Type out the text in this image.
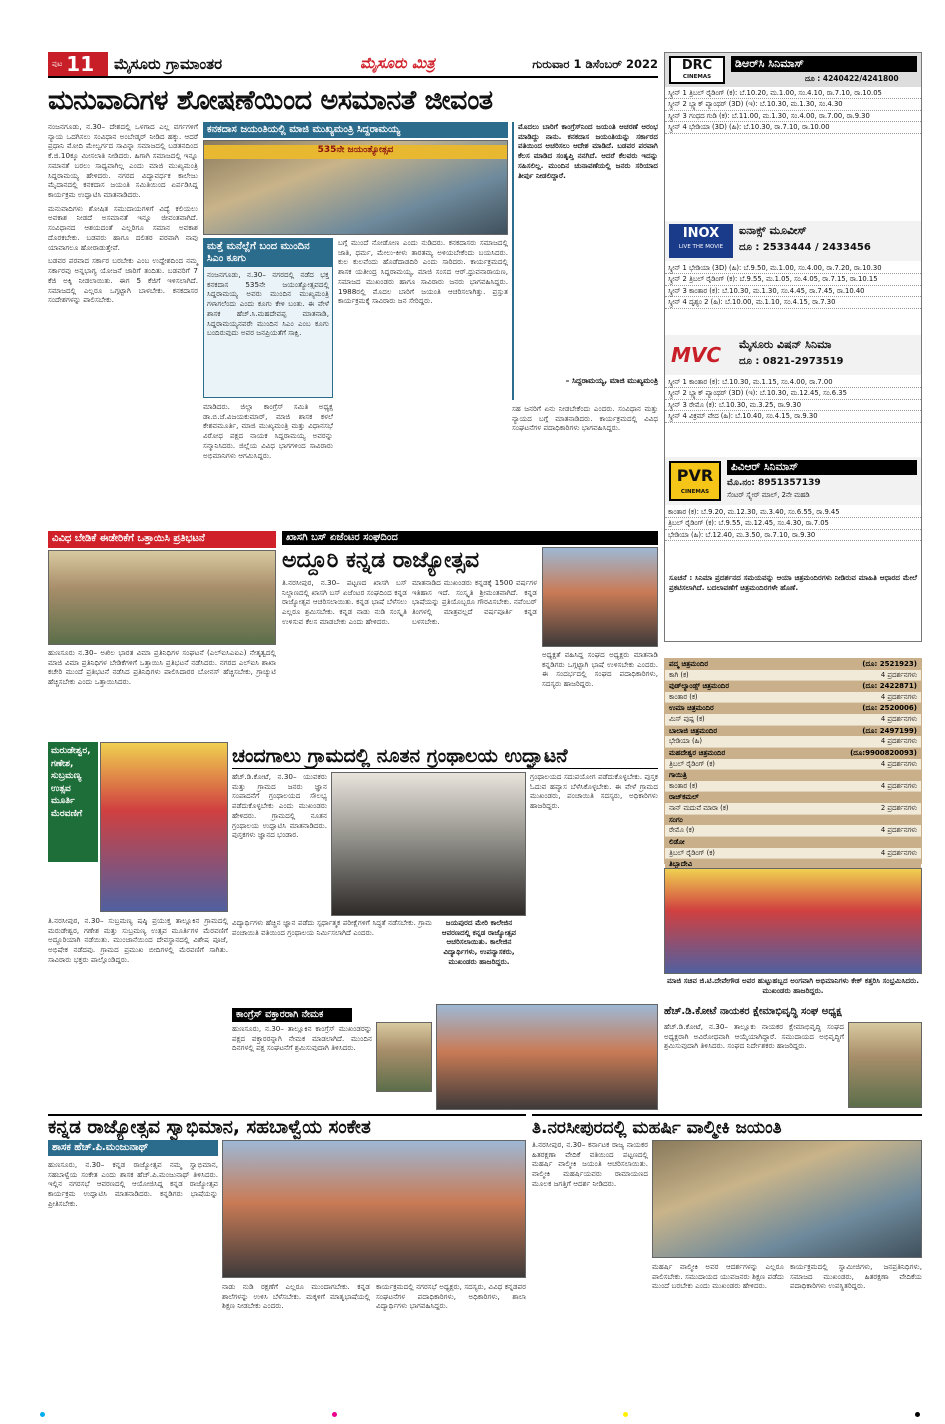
ಪುಟ 11 ಮೈಸೂರು ಗ್ರಾಮಾಂತರ	ಮೈಸೂರು ಮಿತ್ರ	ಗುರುವಾರ 1 ಡಿಸೆಂಬರ್ 2022
ಮನುವಾದಿಗಳ ಶೋಷಣೆಯಿಂದ ಅಸಮಾನತೆ ಜೀವಂತ

ನಂಜನಗೂಡು, ನ.30– ದೇಶದಲ್ಲಿ ಒಳಗಾದ ಎಲ್ಲ ವರ್ಗಗಳಿಗೆ ನ್ಯಾಯ ಒದಗಿಸಲು ಸಂವಿಧಾನ ಅಂಬೇಡ್ಕರ್ ನೀಡಿದ ಹಕ್ಕು. ಆದರೆ ಪ್ರಧಾನಿ ಮೋದಿ ಮೇಲ್ವರ್ಗದ ಸಾವಿನ್ನಾ ಸಮಾಜದಲ್ಲಿ ಬಡತನದಿಂದ ಕೆ.ಜಿ.10ಕ್ಕೂ ಮೀಸಲಾತಿ ನೀಡಿದರು. ಹಿಗಾಗಿ ಸಮಾಜದಲ್ಲಿ ಇನ್ನೂ ಸಮಾನತೆ ಬರಲು ಸಾಧ್ಯವಾಗಿಲ್ಲ ಎಂದು ಮಾಜಿ ಮುಖ್ಯಮಂತ್ರಿ ಸಿದ್ದರಾಮಯ್ಯ ಹೇಳಿದರು. ನಗರದ ವಿದ್ಯಾವರ್ಧಕ ಕಾಲೇಜು ಮೈದಾನದಲ್ಲಿ ಕನಕದಾಸ ಜಯಂತಿ ಸಮಿತಿಯಿಂದ ಏರ್ಪಡಿಸಿದ್ದ ಕಾರ್ಯಕ್ರಮ ಉದ್ಘಾಟಿಸಿ ಮಾತನಾಡಿದರು.

ಮನುವಾದಿಗಳು ಶೋಷಿತ ಸಮುದಾಯಗಳಿಗೆ ವಿದ್ಯೆ ಕಲಿಯಲು ಅವಕಾಶ ನೀಡದೆ ಅಸಮಾನತೆ ಇನ್ನೂ ಜೀವಂತವಾಗಿದೆ. ಸಂವಿಧಾನದ ಆಶಯದಂತೆ ಎಲ್ಲರಿಗೂ ಸಮಾನ ಅವಕಾಶ ದೊರಕಬೇಕು. ಬಡವರು ಹಾಗೂ ದಲಿತರ ಪರವಾಗಿ ನಾವು ಯಾವಾಗಲೂ ಹೋರಾಡುತ್ತೇವೆ.

ಬಡವರ ಪರವಾದ ಸರ್ಕಾರ ಬರಬೇಕು ಎಂಬ ಉದ್ದೇಶದಿಂದ ನಮ್ಮ ಸರ್ಕಾರವು ಅನ್ನಭಾಗ್ಯ ಯೋಜನೆ ಜಾರಿಗೆ ತಂದಿತು. ಬಡವರಿಗೆ 7 ಕೆಜಿ ಅಕ್ಕಿ ನೀಡಲಾಯಿತು. ಈಗ 5 ಕೆಜಿಗೆ ಇಳಿಸಲಾಗಿದೆ. ಸಮಾಜದಲ್ಲಿ ಎಲ್ಲರೂ ಒಗ್ಗಟ್ಟಾಗಿ ಬಾಳಬೇಕು. ಕನಕದಾಸರ ಸಂದೇಶಗಳನ್ನು ಪಾಲಿಸಬೇಕು.

ಕನಕದಾಸ ಜಯಂತಿಯಲ್ಲಿ ಮಾಜಿ ಮುಖ್ಯಮಂತ್ರಿ ಸಿದ್ದರಾಮಯ್ಯ
535ನೇ ಜಯಂತ್ಯೋತ್ಸವ
ಮತ್ತೆ ಮನೆಲ್ಲೆಗೆ ಬಂದ ಮುಂದಿನ ಸಿಎಂ ಕೂಗು
ನಂಜನಗೂಡು, ನ.30– ನಗರದಲ್ಲಿ ನಡೆದ ಭಕ್ತ ಕನಕದಾಸ 535ನೇ ಜಯಂತ್ಯೋತ್ಸವದಲ್ಲಿ ಸಿದ್ದರಾಮಯ್ಯ ಅವರು ಮುಂದಿನ ಮುಖ್ಯಮಂತ್ರಿ ಗಳಾಗಲೆಂದು ಎಂದು ಕೂಗು ಕೇಳಿ ಬಂತು. ಈ ವೇಳೆ ಶಾಸಕ ಹೆಚ್.ಸಿ.ಮಹದೇವಪ್ಪ ಮಾತನಾಡಿ, ಸಿದ್ದರಾಮಯ್ಯನವರೇ ಮುಂದಿನ ಸಿಎಂ ಎಂಬ ಕೂಗು ಬಂದಿರುವುದು ಅವರ ಜನಪ್ರಿಯತೆಗೆ ಸಾಕ್ಷಿ.

ಮಾಡಿದರು. ಜಿಲ್ಲಾ ಕಾಂಗ್ರೆಸ್ ಸಮಿತಿ ಅಧ್ಯಕ್ಷ ಡಾ.ಬಿ.ಜೆ.ವಿಜಯಕುಮಾರ್, ಮಾಜಿ ಶಾಸಕ ಕಳಲೆ ಕೇಶವಮೂರ್ತಿ, ಮಾಜಿ ಮುಖ್ಯಮಂತ್ರಿ ಮತ್ತು ವಿಧಾನಸಭೆ ವಿರೋಧ ಪಕ್ಷದ ನಾಯಕ ಸಿದ್ದರಾಮಯ್ಯ ಅವರನ್ನು ಸನ್ಮಾನಿಸಿದರು. ಜಿಲ್ಲೆಯ ವಿವಿಧ ಭಾಗಗಳಿಂದ ಸಾವಿರಾರು ಅಭಿಮಾನಿಗಳು ಆಗಮಿಸಿದ್ದರು.

ಬಗ್ಗೆ ಮುಂದೆ ನೋಡೋಣ ಎಂದು ನುಡಿದರು. ಕನಕದಾಸರು ಸಮಾಜದಲ್ಲಿ ಜಾತಿ, ಧರ್ಮ, ಮೇಲು-ಕೀಳು ತಾರತಮ್ಯ ಅಳಿಯಬೇಕೆಂದು ಬಯಸಿದರು. ಕುಲ ಕುಲವೆಂದು ಹೊಡೆದಾಡದಿರಿ ಎಂದು ಸಾರಿದರು. ಕಾರ್ಯಕ್ರಮದಲ್ಲಿ ಶಾಸಕ ಯತೀಂದ್ರ ಸಿದ್ದರಾಮಯ್ಯ, ಮಾಜಿ ಸಂಸದ ಆರ್.ಧ್ರುವನಾರಾಯಣ, ಸಮಾಜದ ಮುಖಂಡರು ಹಾಗೂ ಸಾವಿರಾರು ಜನರು ಭಾಗವಹಿಸಿದ್ದರು. 1988ರಲ್ಲಿ ಮೊದಲ ಬಾರಿಗೆ ಜಯಂತಿ ಆಚರಿಸಲಾಗಿತ್ತು. ಪ್ರಸ್ತುತ ಕಾರ್ಯಕ್ರಮಕ್ಕೆ ಸಾವಿರಾರು ಜನ ಸೇರಿದ್ದರು.

ಮೊದಲು ಬಾರಿಗೆ ಕಾಂಗ್ರೆಸ್‍ನಿಂದ ಜಯಂತಿ ಆಚರಣೆ ಆರಂಭ ಮಾಡಿದ್ದು ನಾನು. ಕನಕದಾಸ ಜಯಂತಿಯನ್ನು ಸರ್ಕಾರದ ವತಿಯಿಂದ ಆಚರಿಸಲು ಆದೇಶ ಮಾಡಿದೆ. ಬಡವರ ಪರವಾಗಿ ಕೆಲಸ ಮಾಡಿದ ಸಂತೃಪ್ತಿ ನನಗಿದೆ. ಆದರೆ ಕೆಲವರು ಇದನ್ನು ಸಹಿಸಲಿಲ್ಲ. ಮುಂದಿನ ಚುನಾವಣೆಯಲ್ಲಿ ಜನರು ಸರಿಯಾದ ತೀರ್ಪು ನೀಡಲಿದ್ದಾರೆ.
– ಸಿದ್ದರಾಮಯ್ಯ, ಮಾಜಿ ಮುಖ್ಯಮಂತ್ರಿ

ಸಹ ಜನರಿಗೆ ಏನು ನೀಡಬೇಕೆಂದು ಎಂದರು. ಸಂವಿಧಾನ ಮತ್ತು ನ್ಯಾಯದ ಬಗ್ಗೆ ಮಾತನಾಡಿದರು. ಕಾರ್ಯಕ್ರಮದಲ್ಲಿ ವಿವಿಧ ಸಂಘಟನೆಗಳ ಪದಾಧಿಕಾರಿಗಳು ಭಾಗವಹಿಸಿದ್ದರು.

ವಿವಿಧ ಬೇಡಿಕೆ ಈಡೇರಿಕೆಗೆ ಒತ್ತಾಯಿಸಿ ಪ್ರತಿಭಟನೆ
ಹುಣಸೂರು ನ.30– ಅಖಿಲ ಭಾರತ ವಿಮಾ ಪ್ರತಿನಿಧಿಗಳ ಸಂಘಟನೆ (ಎಲ್‍ಐಸಿಎಐಎ) ನೇತೃತ್ವದಲ್ಲಿ ಮಾಜಿ ವಿಮಾ ಪ್ರತಿನಿಧಿಗಳ ಬೇಡಿಕೆಗಳಿಗೆ ಒತ್ತಾಯಿಸಿ ಪ್ರತಿಭಟನೆ ನಡೆಸಿದರು. ನಗರದ ಎಲ್‍ಐಸಿ ಶಾಖಾ ಕಚೇರಿ ಮುಂದೆ ಪ್ರತಿಭಟನೆ ನಡೆಸಿದ ಪ್ರತಿನಿಧಿಗಳು ಪಾಲಿಸಿದಾರರ ಬೋನಸ್ ಹೆಚ್ಚಿಸಬೇಕು, ಗ್ರಾಚ್ಯುಟಿ ಹೆಚ್ಚಿಸಬೇಕು ಎಂದು ಒತ್ತಾಯಿಸಿದರು.
ಖಾಸಗಿ ಬಸ್ ಏಜೆಂಟರ ಸಂಘದಿಂದ
ಅದ್ದೂರಿ ಕನ್ನಡ ರಾಜ್ಯೋತ್ಸವ
ತಿ.ನರಸೀಪುರ, ನ.30– ಪಟ್ಟಣದ ಖಾಸಗಿ ಬಸ್ ನಿಲ್ದಾಣದಲ್ಲಿ ಖಾಸಗಿ ಬಸ್ ಏಜೆಂಟರ ಸಂಘದಿಂದ ಕನ್ನಡ ರಾಜ್ಯೋತ್ಸವ ಆಚರಿಸಲಾಯಿತು. ಕನ್ನಡ ಭಾಷೆ ಬೆಳೆಸಲು ಎಲ್ಲರೂ ಶ್ರಮಿಸಬೇಕು. ಕನ್ನಡ ನಾಡು ನುಡಿ ಸಂಸ್ಕೃತಿ ಉಳಿಸುವ ಕೆಲಸ ಮಾಡಬೇಕು ಎಂದು ಹೇಳಿದರು.
ಮಾತನಾಡಿದ ಮುಖಂಡರು ಕನ್ನಡಕ್ಕೆ 1500 ವರ್ಷಗಳ ಇತಿಹಾಸ ಇದೆ. ಸಂಸ್ಕೃತಿ ಶ್ರೀಮಂತವಾಗಿದೆ. ಕನ್ನಡ ಭಾಷೆಯನ್ನು ಪ್ರತಿಯೊಬ್ಬರೂ ಗೌರವಿಸಬೇಕು. ನವೆಂಬರ್ ತಿಂಗಳಲ್ಲಿ ಮಾತ್ರವಲ್ಲದೆ ವರ್ಷಪೂರ್ತಿ ಕನ್ನಡ ಬಳಸಬೇಕು.
ಅಧ್ಯಕ್ಷತೆ ವಹಿಸಿದ್ದ ಸಂಘದ ಅಧ್ಯಕ್ಷರು ಮಾತನಾಡಿ ಕನ್ನಡಿಗರು ಒಗ್ಗಟ್ಟಾಗಿ ಭಾಷೆ ಉಳಿಸಬೇಕು ಎಂದರು. ಈ ಸಂದರ್ಭದಲ್ಲಿ ಸಂಘದ ಪದಾಧಿಕಾರಿಗಳು, ಸದಸ್ಯರು ಹಾಜರಿದ್ದರು.
ಮರುಡೇಶ್ವರ, ಗಣೇಶ, ಸುಬ್ರಮಣ್ಯ ಉತ್ಸವ ಮೂರ್ತಿ ಮೆರವಣಿಗೆ
ತಿ.ನರಸೀಪುರ, ನ.30– ಸುಬ್ರಮಣ್ಯ ಷಷ್ಠಿ ಪ್ರಯುಕ್ತ ತಾಲ್ಲೂಕಿನ ಗ್ರಾಮದಲ್ಲಿ ಮರುಡೇಶ್ವರ, ಗಣೇಶ ಮತ್ತು ಸುಬ್ರಮಣ್ಯ ಉತ್ಸವ ಮೂರ್ತಿಗಳ ಮೆರವಣಿಗೆ ಅದ್ದೂರಿಯಾಗಿ ನಡೆಯಿತು. ಮುಂಜಾನೆಯಿಂದ ದೇವಸ್ಥಾನದಲ್ಲಿ ವಿಶೇಷ ಪೂಜೆ, ಅಭಿಷೇಕ ನಡೆದವು. ಗ್ರಾಮದ ಪ್ರಮುಖ ಬೀದಿಗಳಲ್ಲಿ ಮೆರವಣಿಗೆ ಸಾಗಿತು. ಸಾವಿರಾರು ಭಕ್ತರು ಪಾಲ್ಗೊಂಡಿದ್ದರು.
ಚಂದಗಾಲು ಗ್ರಾಮದಲ್ಲಿ ನೂತನ ಗ್ರಂಥಾಲಯ ಉದ್ಘಾಟನೆ
ಹೆಚ್.ಡಿ.ಕೋಟೆ, ನ.30– ಯುವಕರು ಮತ್ತು ಗ್ರಾಮದ ಜನರು ಜ್ಞಾನ ಸಂಪಾದನೆಗೆ ಗ್ರಂಥಾಲಯದ ಸೌಲಭ್ಯ ಪಡೆದುಕೊಳ್ಳಬೇಕು ಎಂದು ಮುಖಂಡರು ಹೇಳಿದರು. ಗ್ರಾಮದಲ್ಲಿ ನೂತನ ಗ್ರಂಥಾಲಯ ಉದ್ಘಾಟಿಸಿ ಮಾತನಾಡಿದರು. ಪುಸ್ತಕಗಳು ಜ್ಞಾನದ ಭಂಡಾರ.
ಗ್ರಂಥಾಲಯದ ಸದುಪಯೋಗ ಪಡೆದುಕೊಳ್ಳಬೇಕು. ಪುಸ್ತಕ ಓದುವ ಹವ್ಯಾಸ ಬೆಳೆಸಿಕೊಳ್ಳಬೇಕು. ಈ ವೇಳೆ ಗ್ರಾಮದ ಮುಖಂಡರು, ಪಂಚಾಯಿತಿ ಸದಸ್ಯರು, ಅಧಿಕಾರಿಗಳು ಹಾಜರಿದ್ದರು.
ವಿದ್ಯಾರ್ಥಿಗಳು ಹೆಚ್ಚಿನ ಜ್ಞಾನ ಪಡೆದು ಸ್ಪರ್ಧಾತ್ಮಕ ಪರೀಕ್ಷೆಗಳಿಗೆ ಸಿದ್ಧತೆ ನಡೆಸಬೇಕು. ಗ್ರಾಮ ಪಂಚಾಯಿತಿ ವತಿಯಿಂದ ಗ್ರಂಥಾಲಯ ನಿರ್ಮಿಸಲಾಗಿದೆ ಎಂದರು.
ಕಾಂಗ್ರೆಸ್ ವಕ್ತಾರರಾಗಿ ನೇಮಕ
ಹುಣಸೂರು, ನ.30– ತಾಲ್ಲೂಕಿನ ಕಾಂಗ್ರೆಸ್ ಮುಖಂಡರನ್ನು ಪಕ್ಷದ ವಕ್ತಾರರನ್ನಾಗಿ ನೇಮಕ ಮಾಡಲಾಗಿದೆ. ಮುಂದಿನ ದಿನಗಳಲ್ಲಿ ಪಕ್ಷ ಸಂಘಟನೆಗೆ ಶ್ರಮಿಸುವುದಾಗಿ ತಿಳಿಸಿದರು.
ಜಯಪುರದ ಮೇರಿ ಕಾಲೇಜಿನ ಆವರಣದಲ್ಲಿ ಕನ್ನಡ ರಾಜ್ಯೋತ್ಸವ ಆಚರಿಸಲಾಯಿತು. ಕಾಲೇಜಿನ ವಿದ್ಯಾರ್ಥಿಗಳು, ಉಪನ್ಯಾಸಕರು, ಮುಖಂಡರು ಹಾಜರಿದ್ದರು.
DRC
CINEMAS
ಡಿಆರ್‌ಸಿ ಸಿನಿಮಾಸ್
ದೂ : 4240422/4241800
ಸ್ಕ್ರೀನ್ 1 ತ್ರಿಬಲ್ ರೈಡಿಂಗ್ (ಕ): ಬೆ.10.20, ಮ.1.00, ಸಂ.4.10, ರಾ.7.10, ರಾ.10.05
ಸ್ಕ್ರೀನ್ 2 ಬ್ಲ್ಯಾಕ್ ಪ್ಯಾಂಥರ್ (3D) (ಇ): ಬೆ.10.30, ಮ.1.30, ಸಂ.4.30
ಸ್ಕ್ರೀನ್ 3 ಗಂಧದ ಗುಡಿ (ಕ): ಬೆ.11.00, ಮ.1.30, ಸಂ.4.00, ರಾ.7.00, ರಾ.9.30
ಸ್ಕ್ರೀನ್ 4 ಭೇಡಿಯಾ (3D) (ಹಿ): ಬೆ.10.30, ರಾ.7.10, ರಾ.10.00
INOX
LIVE THE MOVIE
ಐನಾಕ್ಸ್ ಮೂವೀಸ್
ದೂ : 2533444 / 2433456
ಸ್ಕ್ರೀನ್ 1 ಭೇಡಿಯಾ (3D) (ಹಿ): ಬೆ.9.50, ಮ.1.00, ಸಂ.4.00, ರಾ.7.20, ರಾ.10.30
ಸ್ಕ್ರೀನ್ 2 ತ್ರಿಬಲ್ ರೈಡಿಂಗ್ (ಕ): ಬೆ.9.55, ಮ.1.05, ಸಂ.4.05, ರಾ.7.15, ರಾ.10.15
ಸ್ಕ್ರೀನ್ 3 ಕಾಂತಾರ (ಕ): ಬೆ.10.30, ಮ.1.30, ಸಂ.4.45, ರಾ.7.45, ರಾ.10.40
ಸ್ಕ್ರೀನ್ 4 ದೃಶ್ಯಂ 2 (ಹಿ): ಬೆ.10.00, ಮ.1.10, ಸಂ.4.15, ರಾ.7.30
MVC	ಮೈಸೂರು ವಿಷನ್ ಸಿನಿಮಾ
ದೂ : 0821-2973519
ಸ್ಕ್ರೀನ್ 1 ಕಾಂತಾರ (ಕ): ಬೆ.10.30, ಮ.1.15, ಸಂ.4.00, ರಾ.7.00
ಸ್ಕ್ರೀನ್ 2 ಬ್ಲ್ಯಾಕ್ ಪ್ಯಾಂಥರ್ (3D) (ಇ): ಬೆ.10.30, ಮ.12.45, ಸಂ.6.35
ಸ್ಕ್ರೀನ್ 3 ರೇಮೊ (ಕ): ಬೆ.10.30, ಮ.3.25, ರಾ.9.30
ಸ್ಕ್ರೀನ್ 4 ವಿಕ್ರಮ್ ವೇದ (ಹಿ): ಬೆ.10.40, ಸಂ.4.15, ರಾ.9.30
PVR
CINEMAS
ಪಿವಿಆರ್ ಸಿನಿಮಾಸ್
ಮೊ.ನಂ: 8951357139
ಸೆಂಟರ್ ಸ್ಕ್ವೇರ್ ಮಾಲ್, 2ನೇ ಮಹಡಿ
ಕಾಂತಾರ (ಕ): ಬೆ.9.20, ಮ.12.30, ಮ.3.40, ಸಂ.6.55, ರಾ.9.45
ತ್ರಿಬಲ್ ರೈಡಿಂಗ್ (ಕ): ಬೆ.9.55, ಮ.12.45, ಸಂ.4.30, ರಾ.7.05
ಭೇಡಿಯಾ (ಹಿ): ಬೆ.12.40, ಮ.3.50, ರಾ.7.10, ರಾ.9.30
ಸೂಚನೆ : ಸಿನಿಮಾ ಪ್ರದರ್ಶನದ ಸಮಯವನ್ನು ಆಯಾ ಚಿತ್ರಮಂದಿರಗಳು ನೀಡಿರುವ ಮಾಹಿತಿ ಆಧಾರದ ಮೇಲೆ ಪ್ರಕಟಿಸಲಾಗಿದೆ. ಬದಲಾವಣೆಗೆ ಚಿತ್ರಮಂದಿರಗಳೇ ಹೊಣೆ.
ಪದ್ಮ ಚಿತ್ರಮಂದಿರ	(ದೂ: 2521923)
ಕಾಗಿ (ಕ)	4 ಪ್ರದರ್ಶನಗಳು
ವುಡ್‌ಲ್ಯಾಂಡ್ಸ್ ಚಿತ್ರಮಂದಿರ	(ದೂ: 2422871)
ಕಾಂತಾರ (ಕ)	4 ಪ್ರದರ್ಶನಗಳು
ಉಮಾ ಚಿತ್ರಮಂದಿರ	(ದೂ: 2520006)
ಮಿಸ್ ಪುಷ್ಪ (ಕ)	4 ಪ್ರದರ್ಶನಗಳು
ಬಾಲಾಜಿ ಚಿತ್ರಮಂದಿರ	(ದೂ: 2497199)
ಭೇಡಿಯಾ (ಹಿ)	4 ಪ್ರದರ್ಶನಗಳು
ಮಹದೇಶ್ವರ ಚಿತ್ರಮಂದಿರ	(ದೂ:9900820093)
ತ್ರಿಬಲ್ ರೈಡಿಂಗ್ (ಕ)	4 ಪ್ರದರ್ಶನಗಳು
ಗಾಯಿತ್ರಿ
ಕಾಂತಾರ (ಕ)	4 ಪ್ರದರ್ಶನಗಳು
ರಾಜ್‌ಕಮಲ್
ನಾನ್ ಮದುವೆ ಮಾರಾ (ಕ)	2 ಪ್ರದರ್ಶನಗಳು
ಸಂಗಂ
ರೇಮೊ (ಕ)	4 ಪ್ರದರ್ಶನಗಳು
ಲಿಡೋ
ತ್ರಿಬಲ್ ರೈಡಿಂಗ್ (ಕ)	4 ಪ್ರದರ್ಶನಗಳು
ತಿಬ್ಬಾದೇವಿ
ಮಾಜಿ ಸಚಿವ ಜಿ.ಟಿ.ದೇವೇಗೌಡ ಅವರ ಹುಟ್ಟುಹಬ್ಬದ ಅಂಗವಾಗಿ ಅಭಿಮಾನಿಗಳು ಕೇಕ್ ಕತ್ತರಿಸಿ ಸಂಭ್ರಮಿಸಿದರು. ಮುಖಂಡರು ಹಾಜರಿದ್ದರು.
ಹೆಚ್.ಡಿ.ಕೋಟೆ ನಾಯಕರ ಕ್ಷೇಮಾಭಿವೃದ್ಧಿ ಸಂಘ ಅಧ್ಯಕ್ಷ
ಹೆಚ್.ಡಿ.ಕೋಟೆ, ನ.30– ತಾಲ್ಲೂಕು ನಾಯಕರ ಕ್ಷೇಮಾಭಿವೃದ್ಧಿ ಸಂಘದ ಅಧ್ಯಕ್ಷರಾಗಿ ಅವಿರೋಧವಾಗಿ ಆಯ್ಕೆಯಾಗಿದ್ದಾರೆ. ಸಮುದಾಯದ ಅಭಿವೃದ್ಧಿಗೆ ಶ್ರಮಿಸುವುದಾಗಿ ತಿಳಿಸಿದರು. ಸಂಘದ ನಿರ್ದೇಶಕರು ಹಾಜರಿದ್ದರು.
ಕನ್ನಡ ರಾಜ್ಯೋತ್ಸವ ಸ್ವಾಭಿಮಾನ, ಸಹಬಾಳ್ವೆಯ ಸಂಕೇತ
ಶಾಸಕ ಹೆಚ್.ಪಿ.ಮಂಜುನಾಥ್
ಹುಣಸೂರು, ನ.30– ಕನ್ನಡ ರಾಜ್ಯೋತ್ಸವ ನಮ್ಮ ಸ್ವಾಭಿಮಾನ, ಸಹಬಾಳ್ವೆಯ ಸಂಕೇತ ಎಂದು ಶಾಸಕ ಹೆಚ್.ಪಿ.ಮಂಜುನಾಥ್ ತಿಳಿಸಿದರು. ಇಲ್ಲಿನ ನಗರಸಭೆ ಆವರಣದಲ್ಲಿ ಆಯೋಜಿಸಿದ್ದ ಕನ್ನಡ ರಾಜ್ಯೋತ್ಸವ ಕಾರ್ಯಕ್ರಮ ಉದ್ಘಾಟಿಸಿ ಮಾತನಾಡಿದರು. ಕನ್ನಡಿಗರು ಭಾಷೆಯನ್ನು ಪ್ರೀತಿಸಬೇಕು.
ನಾಡು ನುಡಿ ರಕ್ಷಣೆಗೆ ಎಲ್ಲರೂ ಮುಂದಾಗಬೇಕು. ಕನ್ನಡ ಶಾಲೆಗಳನ್ನು ಉಳಿಸಿ ಬೆಳೆಸಬೇಕು. ಮಕ್ಕಳಿಗೆ ಮಾತೃಭಾಷೆಯಲ್ಲಿ ಶಿಕ್ಷಣ ನೀಡಬೇಕು ಎಂದರು.
ಕಾರ್ಯಕ್ರಮದಲ್ಲಿ ನಗರಸಭೆ ಅಧ್ಯಕ್ಷರು, ಸದಸ್ಯರು, ವಿವಿಧ ಕನ್ನಡಪರ ಸಂಘಟನೆಗಳ ಪದಾಧಿಕಾರಿಗಳು, ಅಧಿಕಾರಿಗಳು, ಶಾಲಾ ವಿದ್ಯಾರ್ಥಿಗಳು ಭಾಗವಹಿಸಿದ್ದರು.
ತಿ.ನರಸೀಪುರದಲ್ಲಿ ಮಹರ್ಷಿ ವಾಲ್ಮೀಕಿ ಜಯಂತಿ
ತಿ.ನರಸೀಪುರ, ನ.30– ಕರ್ನಾಟಕ ರಾಜ್ಯ ನಾಯಕರ ಹಿತರಕ್ಷಣಾ ವೇದಿಕೆ ವತಿಯಿಂದ ಪಟ್ಟಣದಲ್ಲಿ ಮಹರ್ಷಿ ವಾಲ್ಮೀಕಿ ಜಯಂತಿ ಆಚರಿಸಲಾಯಿತು. ವಾಲ್ಮೀಕಿ ಮಹರ್ಷಿಯವರು ರಾಮಾಯಣದ ಮೂಲಕ ಜಗತ್ತಿಗೆ ಆದರ್ಶ ನೀಡಿದರು.
ಮಹರ್ಷಿ ವಾಲ್ಮೀಕಿ ಅವರ ಆದರ್ಶಗಳನ್ನು ಎಲ್ಲರೂ ಪಾಲಿಸಬೇಕು. ಸಮುದಾಯದ ಯುವಜನರು ಶಿಕ್ಷಣ ಪಡೆದು ಮುಂದೆ ಬರಬೇಕು ಎಂದು ಮುಖಂಡರು ಹೇಳಿದರು.
ಕಾರ್ಯಕ್ರಮದಲ್ಲಿ ಸ್ವಾಮೀಜಿಗಳು, ಜನಪ್ರತಿನಿಧಿಗಳು, ಸಮಾಜದ ಮುಖಂಡರು, ಹಿತರಕ್ಷಣಾ ವೇದಿಕೆಯ ಪದಾಧಿಕಾರಿಗಳು ಉಪಸ್ಥಿತರಿದ್ದರು.
